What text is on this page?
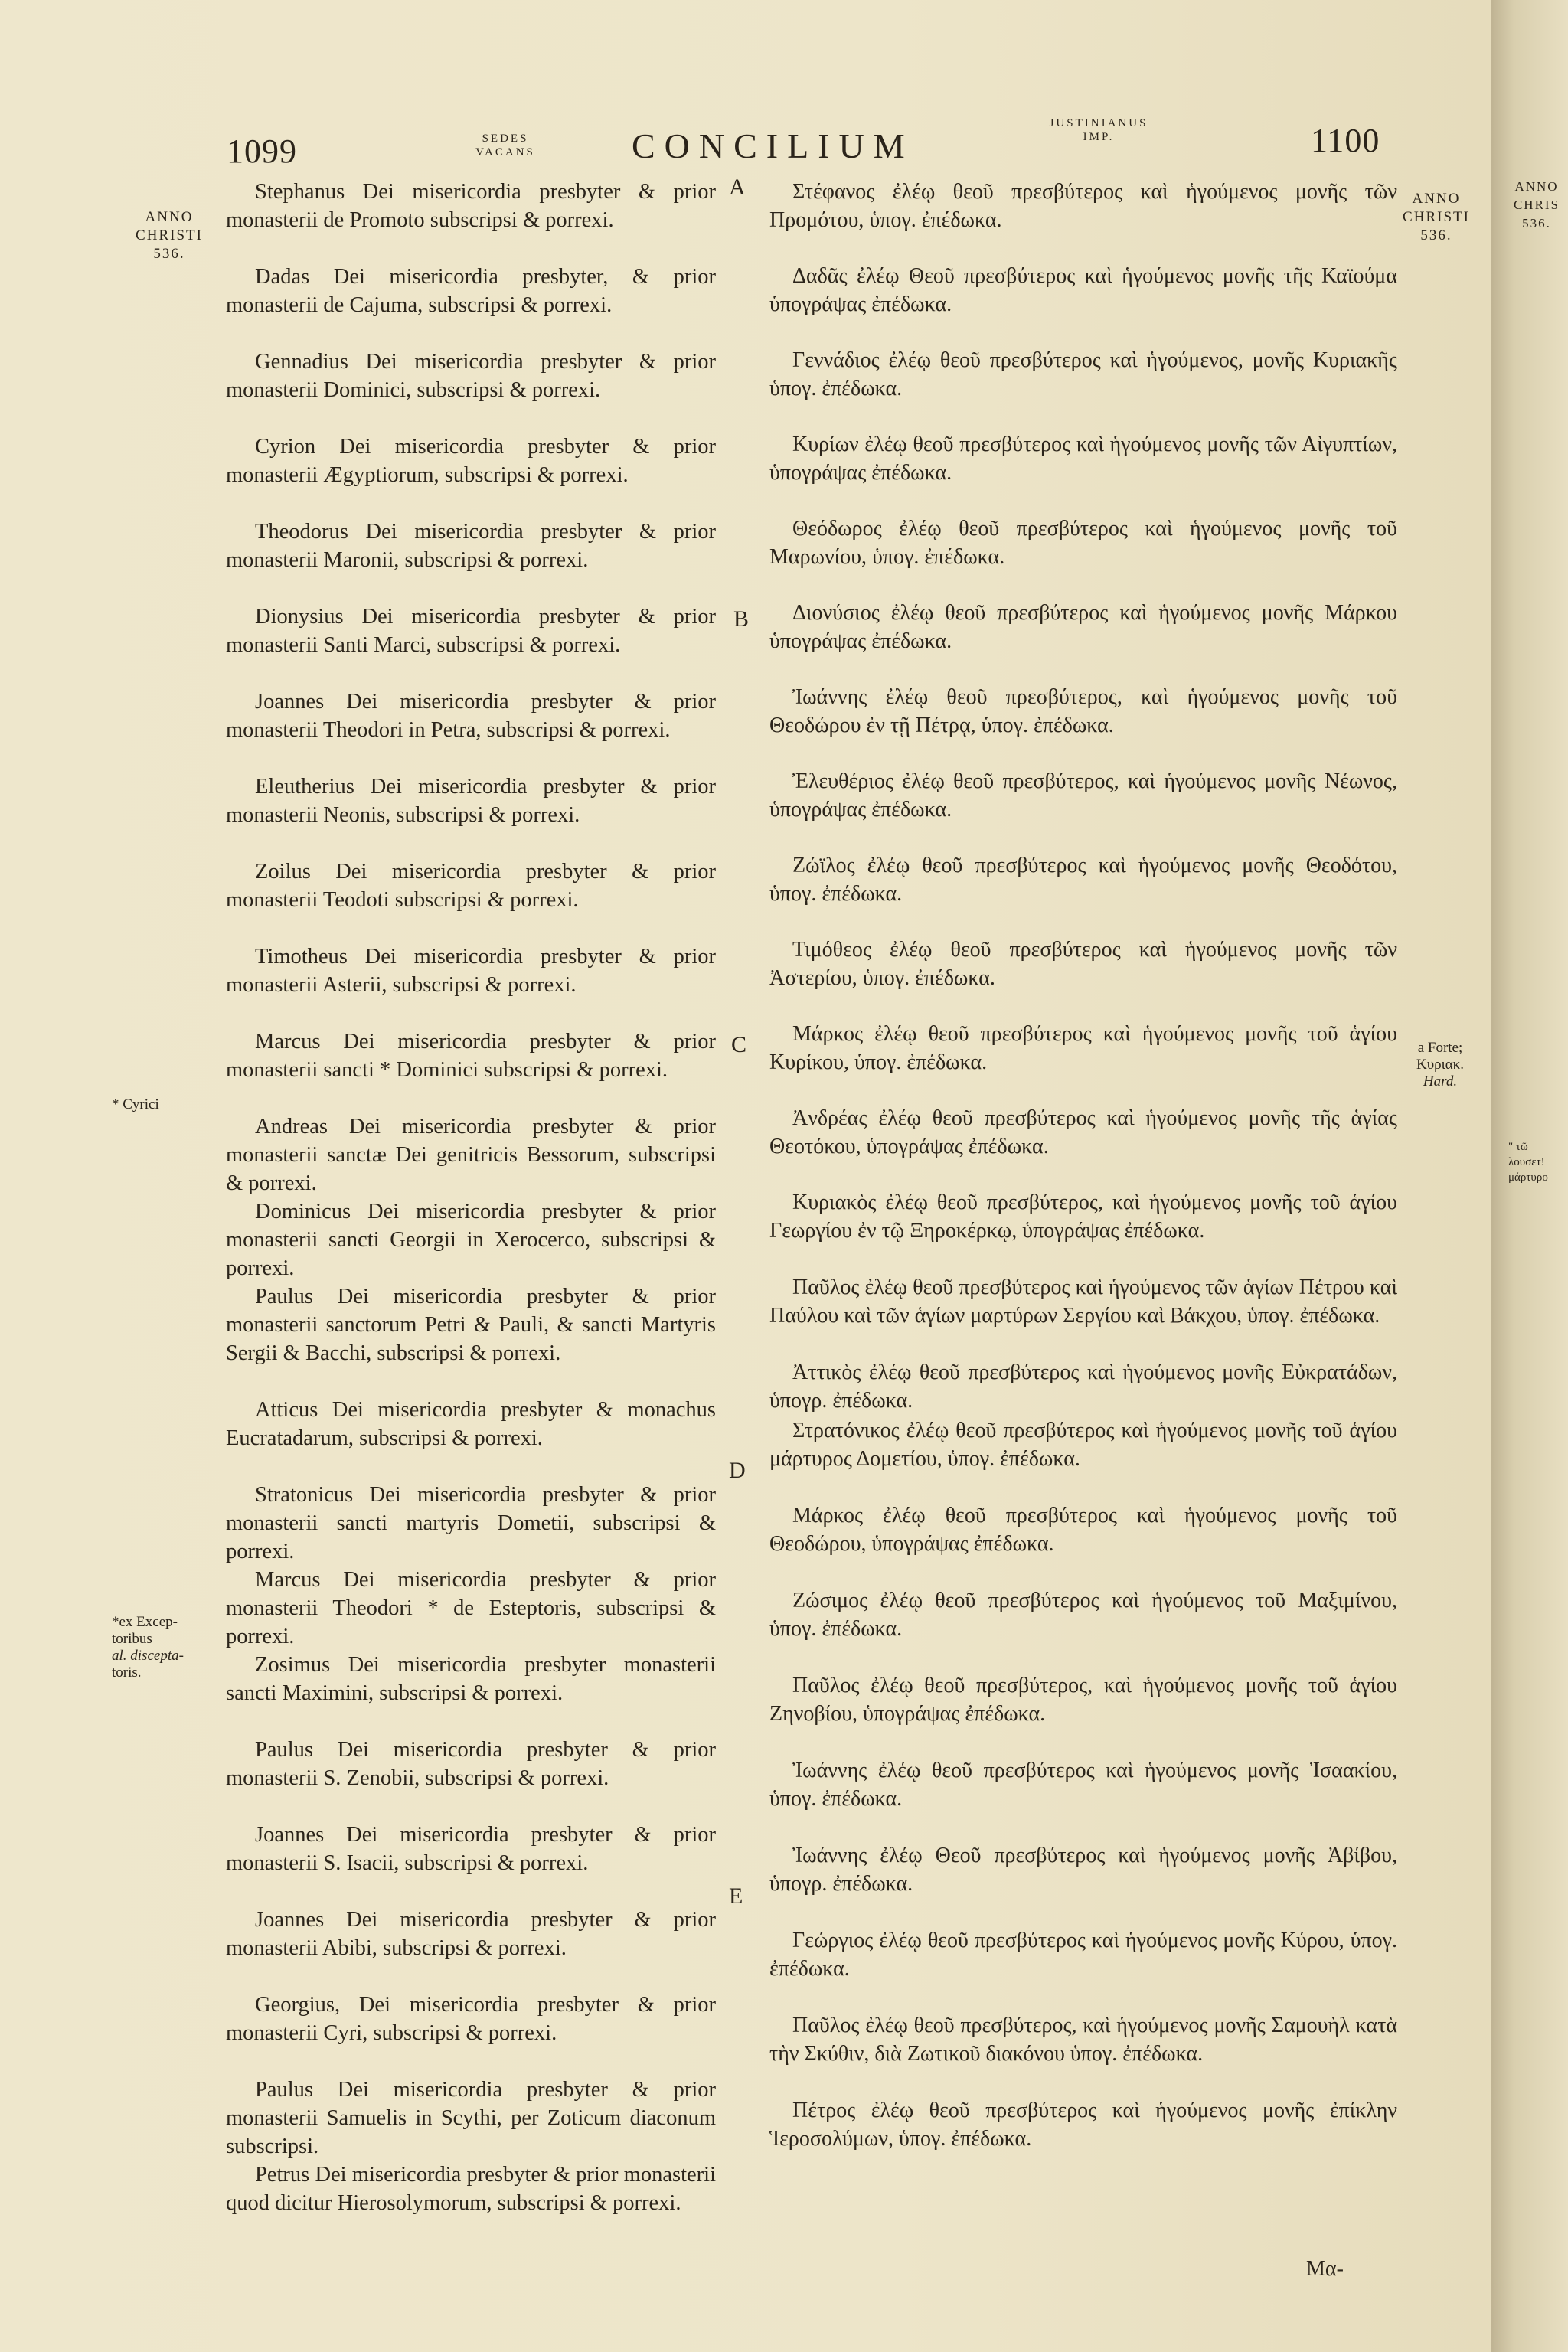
1099	SEDES
VACANS	CONCILIUM
JUSTINIANUS
IMP.	1100
ANNO
CHRISTI
536.
* Cyrici
*ex Excep-
toribus
al. discepta-
toris.
A
B
C
D
E

Stephanus Dei misericordia presbyter & prior monasterii de Promoto subscripsi & porrexi.

Dadas Dei misericordia presbyter, & prior monasterii de Cajuma, subscripsi & porrexi.

Gennadius Dei misericordia presbyter & prior monasterii Dominici, subscripsi & porrexi.

Cyrion Dei misericordia presbyter & prior monasterii Ægyptiorum, subscripsi & porrexi.

Theodorus Dei misericordia presbyter & prior monasterii Maronii, subscripsi & porrexi.

Dionysius Dei misericordia presbyter & prior monasterii Santi Marci, subscripsi & porrexi.

Joannes Dei misericordia presbyter & prior monasterii Theodori in Petra, subscripsi & porrexi.

Eleutherius Dei misericordia presbyter & prior monasterii Neonis, subscripsi & porrexi.

Zoilus Dei misericordia presbyter & prior monasterii Teodoti subscripsi & porrexi.

Timotheus Dei misericordia presbyter & prior monasterii Asterii, subscripsi & porrexi.

Marcus Dei misericordia presbyter & prior monasterii sancti * Dominici subscripsi & porrexi.

Andreas Dei misericordia presbyter & prior monasterii sanctæ Dei genitricis Bessorum, subscripsi & porrexi.

Dominicus Dei misericordia presbyter & prior monasterii sancti Georgii in Xerocerco, subscripsi & porrexi.

Paulus Dei misericordia presbyter & prior monasterii sanctorum Petri & Pauli, & sancti Martyris Sergii & Bacchi, subscripsi & porrexi.

Atticus Dei misericordia presbyter & monachus Eucratadarum, subscripsi & porrexi.

Stratonicus Dei misericordia presbyter & prior monasterii sancti martyris Dometii, subscripsi & porrexi.

Marcus Dei misericordia presbyter & prior monasterii Theodori * de Esteptoris, subscripsi & porrexi.

Zosimus Dei misericordia presbyter monasterii sancti Maximini, subscripsi & porrexi.

Paulus Dei misericordia presbyter & prior monasterii S. Zenobii, subscripsi & porrexi.

Joannes Dei misericordia presbyter & prior monasterii S. Isacii, subscripsi & porrexi.

Joannes Dei misericordia presbyter & prior monasterii Abibi, subscripsi & porrexi.

Georgius, Dei misericordia presbyter & prior monasterii Cyri, subscripsi & porrexi.

Paulus Dei misericordia presbyter & prior monasterii Samuelis in Scythi, per Zoticum diaconum subscripsi.

Petrus Dei misericordia presbyter & prior monasterii quod dicitur Hierosolymorum, subscripsi & porrexi.

Στέφανος ἐλέῳ θεοῦ πρεσβύτερος καὶ ἡγούμενος μονῆς τῶν Προμότου, ὑπογ. ἐπέδωκα.

Δαδᾶς ἐλέῳ Θεοῦ πρεσβύτερος καὶ ἡγούμενος μονῆς τῆς Καϊούμα ὑπογράψας ἐπέδωκα.

Γεννάδιος ἐλέῳ θεοῦ πρεσβύτερος καὶ ἡγούμενος, μονῆς Κυριακῆς ὑπογ. ἐπέδωκα.

Κυρίων ἐλέῳ θεοῦ πρεσβύτερος καὶ ἡγούμενος μονῆς τῶν Αἰγυπτίων, ὑπογράψας ἐπέδωκα.

Θεόδωρος ἐλέῳ θεοῦ πρεσβύτερος καὶ ἡγούμενος μονῆς τοῦ Μαρωνίου, ὑπογ. ἐπέδωκα.

Διονύσιος ἐλέῳ θεοῦ πρεσβύτερος καὶ ἡγούμενος μονῆς Μάρκου ὑπογράψας ἐπέδωκα.

Ἰωάννης ἐλέῳ θεοῦ πρεσβύτερος, καὶ ἡγούμενος μονῆς τοῦ Θεοδώρου ἐν τῇ Πέτρᾳ, ὑπογ. ἐπέδωκα.

Ἐλευθέριος ἐλέῳ θεοῦ πρεσβύτερος, καὶ ἡγούμενος μονῆς Νέωνος, ὑπογράψας ἐπέδωκα.

Ζώϊλος ἐλέῳ θεοῦ πρεσβύτερος καὶ ἡγούμενος μονῆς Θεοδότου, ὑπογ. ἐπέδωκα.

Τιμόθεος ἐλέῳ θεοῦ πρεσβύτερος καὶ ἡγούμενος μονῆς τῶν Ἀστερίου, ὑπογ. ἐπέδωκα.

Μάρκος ἐλέῳ θεοῦ πρεσβύτερος καὶ ἡγούμενος μονῆς τοῦ ἁγίου Κυρίκου, ὑπογ. ἐπέδωκα.

Ἀνδρέας ἐλέῳ θεοῦ πρεσβύτερος καὶ ἡγούμενος μονῆς τῆς ἁγίας Θεοτόκου, ὑπογράψας ἐπέδωκα.

Κυριακὸς ἐλέῳ θεοῦ πρεσβύτερος, καὶ ἡγούμενος μονῆς τοῦ ἁγίου Γεωργίου ἐν τῷ Ξηροκέρκῳ, ὑπογράψας ἐπέδωκα.

Παῦλος ἐλέῳ θεοῦ πρεσβύτερος καὶ ἡγούμενος τῶν ἁγίων Πέτρου καὶ Παύλου καὶ τῶν ἁγίων μαρτύρων Σεργίου καὶ Βάκχου, ὑπογ. ἐπέδωκα.

Ἀττικὸς ἐλέῳ θεοῦ πρεσβύτερος καὶ ἡγούμενος μονῆς Εὐκρατάδων, ὑπογρ. ἐπέδωκα.

Στρατόνικος ἐλέῳ θεοῦ πρεσβύτερος καὶ ἡγούμενος μονῆς τοῦ ἁγίου μάρτυρος Δομετίου, ὑπογ. ἐπέδωκα.

Μάρκος ἐλέῳ θεοῦ πρεσβύτερος καὶ ἡγούμενος μονῆς τοῦ Θεοδώρου, ὑπογράψας ἐπέδωκα.

Ζώσιμος ἐλέῳ θεοῦ πρεσβύτερος καὶ ἡγούμενος τοῦ Μαξιμίνου, ὑπογ. ἐπέδωκα.

Παῦλος ἐλέῳ θεοῦ πρεσβύτερος, καὶ ἡγούμενος μονῆς τοῦ ἁγίου Ζηνοβίου, ὑπογράψας ἐπέδωκα.

Ἰωάννης ἐλέῳ θεοῦ πρεσβύτερος καὶ ἡγούμενος μονῆς Ἰσαακίου, ὑπογ. ἐπέδωκα.

Ἰωάννης ἐλέῳ Θεοῦ πρεσβύτερος καὶ ἡγούμενος μονῆς Ἀβίβου, ὑπογρ. ἐπέδωκα.

Γεώργιος ἐλέῳ θεοῦ πρεσβύτερος καὶ ἡγούμενος μονῆς Κύρου, ὑπογ. ἐπέδωκα.

Παῦλος ἐλέῳ θεοῦ πρεσβύτερος, καὶ ἡγούμενος μονῆς Σαμουὴλ κατὰ τὴν Σκύθιν, διὰ Ζωτικοῦ διακόνου ὑπογ. ἐπέδωκα.

Πέτρος ἐλέῳ θεοῦ πρεσβύτερος καὶ ἡγούμενος μονῆς ἐπίκλην Ἱεροσολύμων, ὑπογ. ἐπέδωκα.

Μα-
ANNO
CHRISTI
536.
a Forte;
Κυριακ.
Hard.
ANNO
CHRIS
536.
" τῶ
λουσετ!
μάρτυρο
